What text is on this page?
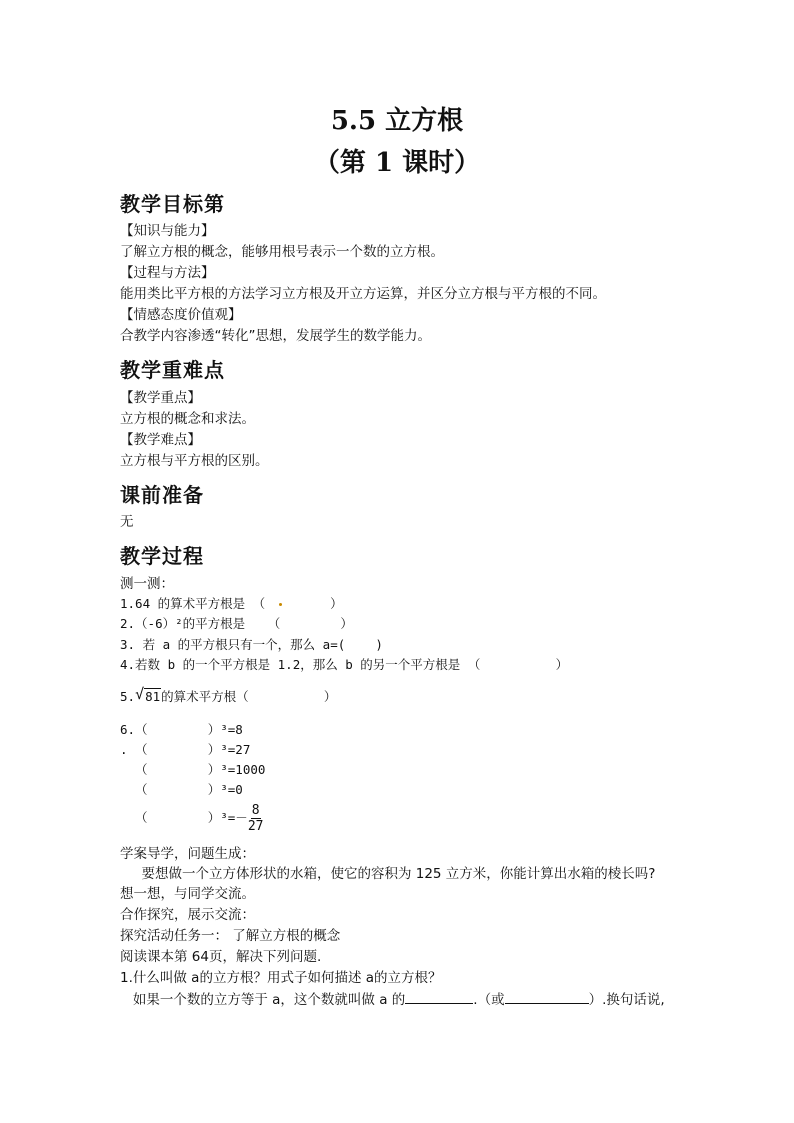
5.5 立方根
（第 1 课时）
教学目标第
【知识与能力】
了解立方根的概念，能够用根号表示一个数的立方根。
【过程与方法】
能用类比平方根的方法学习立方根及开立方运算，并区分立方根与平方根的不同。
【情感态度价值观】
合教学内容渗透“转化”思想，发展学生的数学能力。
教学重难点
【教学重点】
立方根的概念和求法。
【教学难点】
立方根与平方根的区别。
课前准备
无
教学过程
测一测：
1.64 的算术平方根是 （	）
2.（-6）²的平方根是   （        ）
3. 若 a 的平方根只有一个，那么 a=(    )
4.若数 b 的一个平方根是 1.2，那么 b 的另一个平方根是 （          ）
5. √ 81的算术平方根（          ）
6.（        ）³=8
. （        ）³=27
（        ）³=1000
（        ）³=0
（        ）$^3=- \frac{8}{27}$
学案导学，问题生成：
要想做一个立方体形状的水箱，使它的容积为 125 立方米，你能计算出水箱的棱长吗?
想一想，与同学交流。
合作探究，展示交流：
探究活动任务一： 了解立方根的概念
阅读课本第 64页，解决下列问题.
1.什么叫做 a的立方根？用式子如何描述 a的立方根？
如果一个数的立方等于 a，这个数就叫做 a 的	.（或	）.换句话说,
